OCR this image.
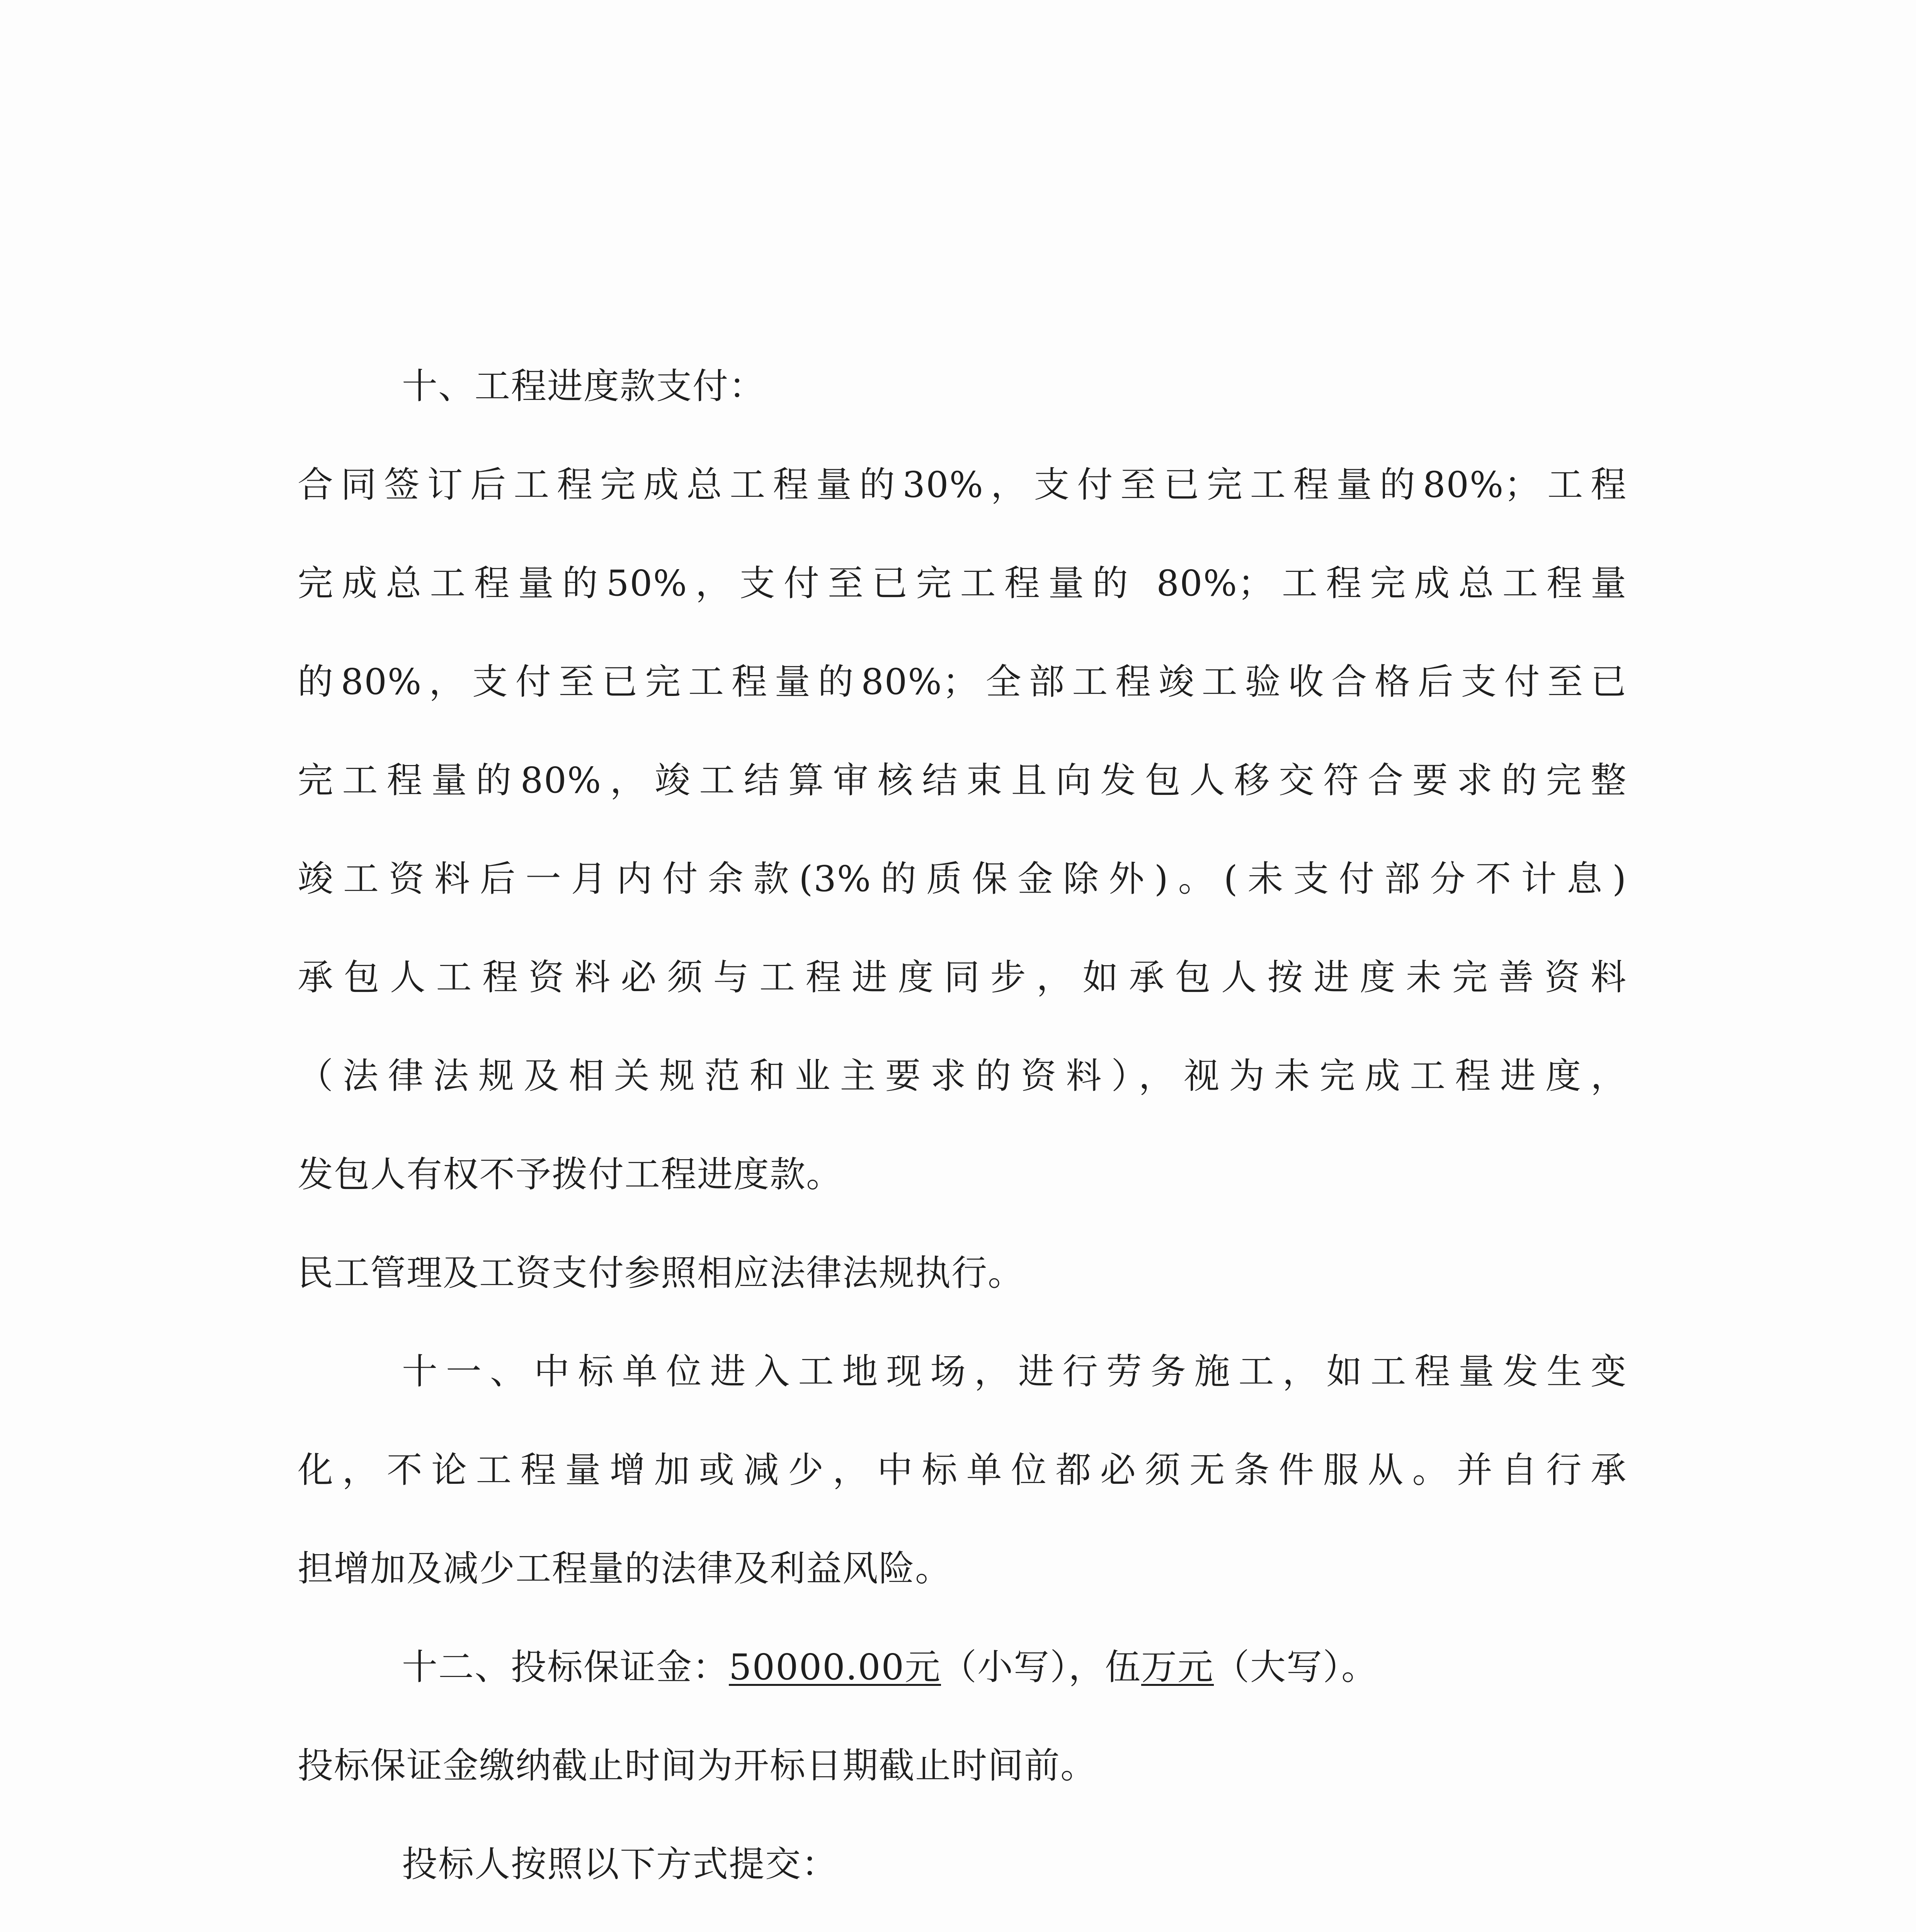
十、工程进度款支付：
合同签订后工程完成总工程量的30%，支付至已完工程量的80%；工程
完成总工程量的50%，支付至已完工程量的 80%；工程完成总工程量
的80%，支付至已完工程量的80%；全部工程竣工验收合格后支付至已
完工程量的80%，竣工结算审核结束且向发包人移交符合要求的完整
竣工资料后一月内付余款(3%的质保金除外)。(未支付部分不计息)
承包人工程资料必须与工程进度同步，如承包人按进度未完善资料
（法律法规及相关规范和业主要求的资料），视为未完成工程进度，
发包人有权不予拨付工程进度款。
民工管理及工资支付参照相应法律法规执行。
十一、中标单位进入工地现场，进行劳务施工，如工程量发生变
化，不论工程量增加或减少，中标单位都必须无条件服从。并自行承
担增加及减少工程量的法律及利益风险。
十二、投标保证金：50000.00元（小写），伍万元（大写）。
投标保证金缴纳截止时间为开标日期截止时间前。
投标人按照以下方式提交：
